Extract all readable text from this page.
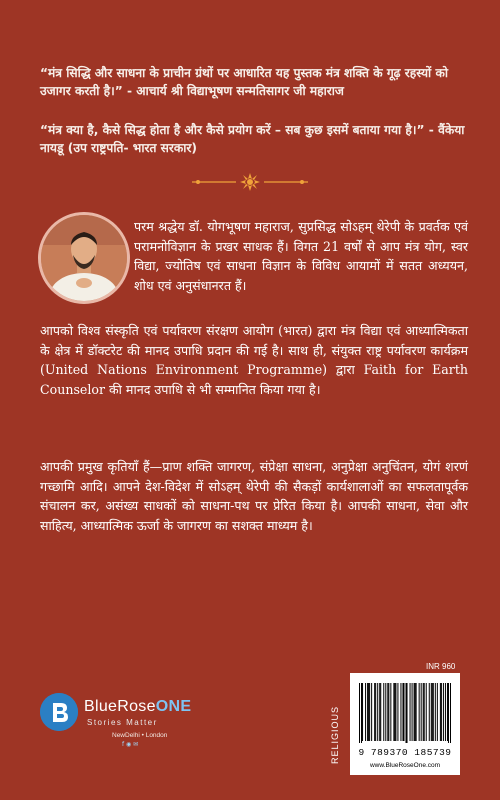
“मंत्र सिद्धि और साधना के प्राचीन ग्रंथों पर आधारित यह पुस्तक मंत्र शक्ति के गूढ़ रहस्यों को उजागर करती है।” - आचार्य श्री विद्याभूषण सन्मतिसागर जी महाराज
“मंत्र क्या है, कैसे सिद्ध होता है और कैसे प्रयोग करें – सब कुछ इसमें बताया गया है।” - वैंकेया नायडू (उप राष्ट्रपति- भारत सरकार)
परम श्रद्धेय डॉ. योगभूषण महाराज, सुप्रसिद्ध सोऽहम् थेरेपी के प्रवर्तक एवं परामनोविज्ञान के प्रखर साधक हैं। विगत 21 वर्षों से आप मंत्र योग, स्वर विद्या, ज्योतिष एवं साधना विज्ञान के विविध आयामों में सतत अध्ययन, शोध एवं अनुसंधानरत हैं।
आपको विश्व संस्कृति एवं पर्यावरण संरक्षण आयोग (भारत) द्वारा मंत्र विद्या एवं आध्यात्मिकता के क्षेत्र में डॉक्टरेट की मानद उपाधि प्रदान की गई है। साथ ही, संयुक्त राष्ट्र पर्यावरण कार्यक्रम (United Nations Environment Programme) द्वारा Faith for Earth Counselor की मानद उपाधि से भी सम्मानित किया गया है।
आपकी प्रमुख कृतियाँ हैं—प्राण शक्ति जागरण, संप्रेक्षा साधना, अनुप्रेक्षा अनुचिंतन, योगं शरणं गच्छामि आदि। आपने देश-विदेश में सोऽहम् थेरेपी की सैकड़ों कार्यशालाओं का सफलतापूर्वक संचालन कर, असंख्य साधकों को साधना-पथ पर प्रेरित किया है। आपकी साधना, सेवा और साहित्य, आध्यात्मिक ऊर्जा के जागरण का सशक्त माध्यम है।
BlueRoseONE
Stories Matter
NewDelhi • London
f ◉ ✉	RELIGIOUS
INR 960
9 789370 185739
www.BlueRoseOne.com
